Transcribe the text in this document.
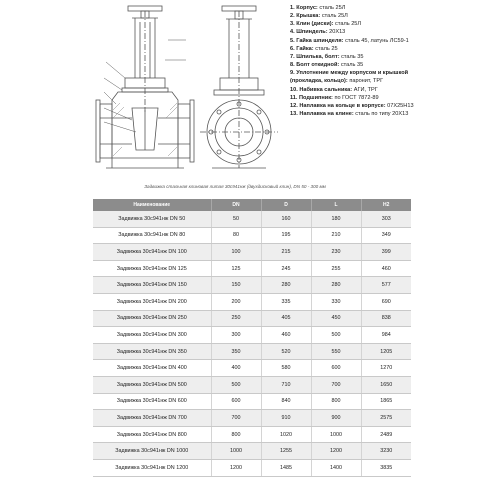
1. Корпус: сталь 25Л
2. Крышка: сталь 25Л
3. Клин (диски): сталь 25Л
4. Шпиндель: 20Х13
5. Гайка шпинделя: сталь 45, латунь ЛС59-1
6. Гайка: сталь 25
7. Шпилька, болт: сталь 35
8. Болт откидной: сталь 35
9. Уплотнение между корпусом и крышкой
(прокладка, кольцо): паронит, ТРГ
10. Набивка сальника: АГИ, ТРГ
11. Подшипник: по ГОСТ 7872-89
12. Наплавка на кольце в корпусе: 07Х25Н13
13. Наплавка на клине: сталь по типу 20Х13
Задвижка стальная клиновая литая 30с941нж (двухдисковый клин), DN 50 - 300 мм
Наименование	DN	D	L	H2
Задвижка 30с941нж DN 50	50	160	180	303
Задвижка 30с941нж DN 80	80	195	210	349
Задвижка 30с941нж DN 100	100	215	230	399
Задвижка 30с941нж DN 125	125	245	255	460
Задвижка 30с941нж DN 150	150	280	280	577
Задвижка 30с941нж DN 200	200	335	330	690
Задвижка 30с941нж DN 250	250	405	450	838
Задвижка 30с941нж DN 300	300	460	500	984
Задвижка 30с941нж DN 350	350	520	550	1205
Задвижка 30с941нж DN 400	400	580	600	1270
Задвижка 30с941нж DN 500	500	710	700	1650
Задвижка 30с941нж DN 600	600	840	800	1865
Задвижка 30с941нж DN 700	700	910	900	2575
Задвижка 30с941нж DN 800	800	1020	1000	2489
Задвижка 30с941нж DN 1000	1000	1255	1200	3230
Задвижка 30с941нж DN 1200	1200	1485	1400	3835
